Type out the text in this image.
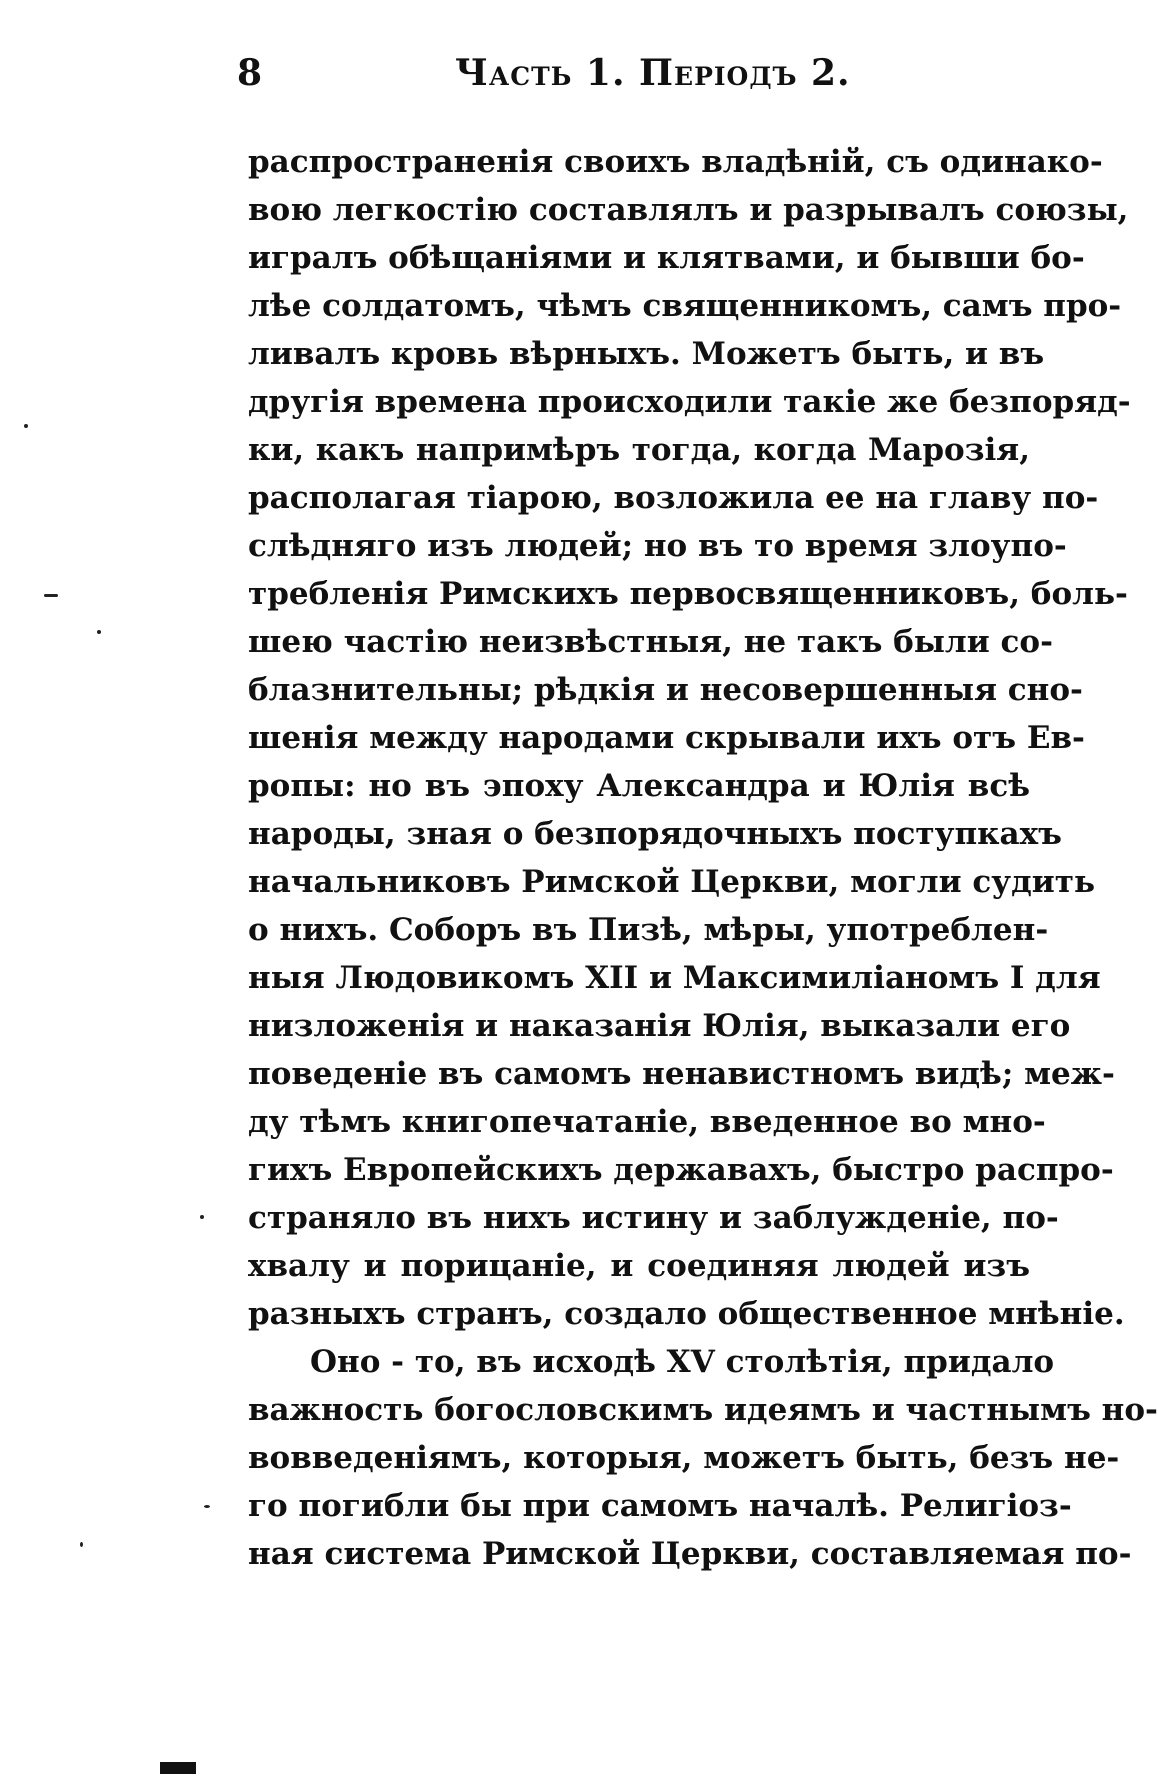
8	Часть 1. Періодъ 2.
распространенія своихъ владѣній, съ одинако-
вою легкостію составлялъ и разрывалъ союзы,
игралъ обѣщаніями и клятвами, и бывши бо-
лѣе солдатомъ, чѣмъ священникомъ, самъ про-
ливалъ кровь вѣрныхъ. Можетъ быть, и въ
другія времена происходили такіе же безпоряд-
ки, какъ напримѣръ тогда, когда Марозія,
располагая тіарою, возложила ее на главу по-
слѣдняго изъ людей; но въ то время злоупо-
требленія Римскихъ первосвященниковъ, боль-
шею частію неизвѣстныя, не такъ были со-
блазнительны; рѣдкія и несовершенныя сно-
шенія между народами скрывали ихъ отъ Ев-
ропы: но въ эпоху Александра и Юлія всѣ
народы, зная о безпорядочныхъ поступкахъ
начальниковъ Римской Церкви, могли судить
о нихъ. Соборъ въ Пизѣ, мѣры, употреблен-
ныя Людовикомъ XII и Максимиліаномъ I для
низложенія и наказанія Юлія, выказали его
поведеніе въ самомъ ненавистномъ видѣ; меж-
ду тѣмъ книгопечатаніе, введенное во мно-
гихъ Европейскихъ державахъ, быстро распро-
страняло въ нихъ истину и заблужденіе, по-
хвалу и порицаніе, и соединяя людей изъ
разныхъ странъ, создало общественное мнѣніе.
Оно - то, въ исходѣ XV столѣтія, придало
важность богословскимъ идеямъ и частнымъ но-
вовведеніямъ, которыя, можетъ быть, безъ не-
го погибли бы при самомъ началѣ. Религіоз-
ная система Римской Церкви, составляемая по-
